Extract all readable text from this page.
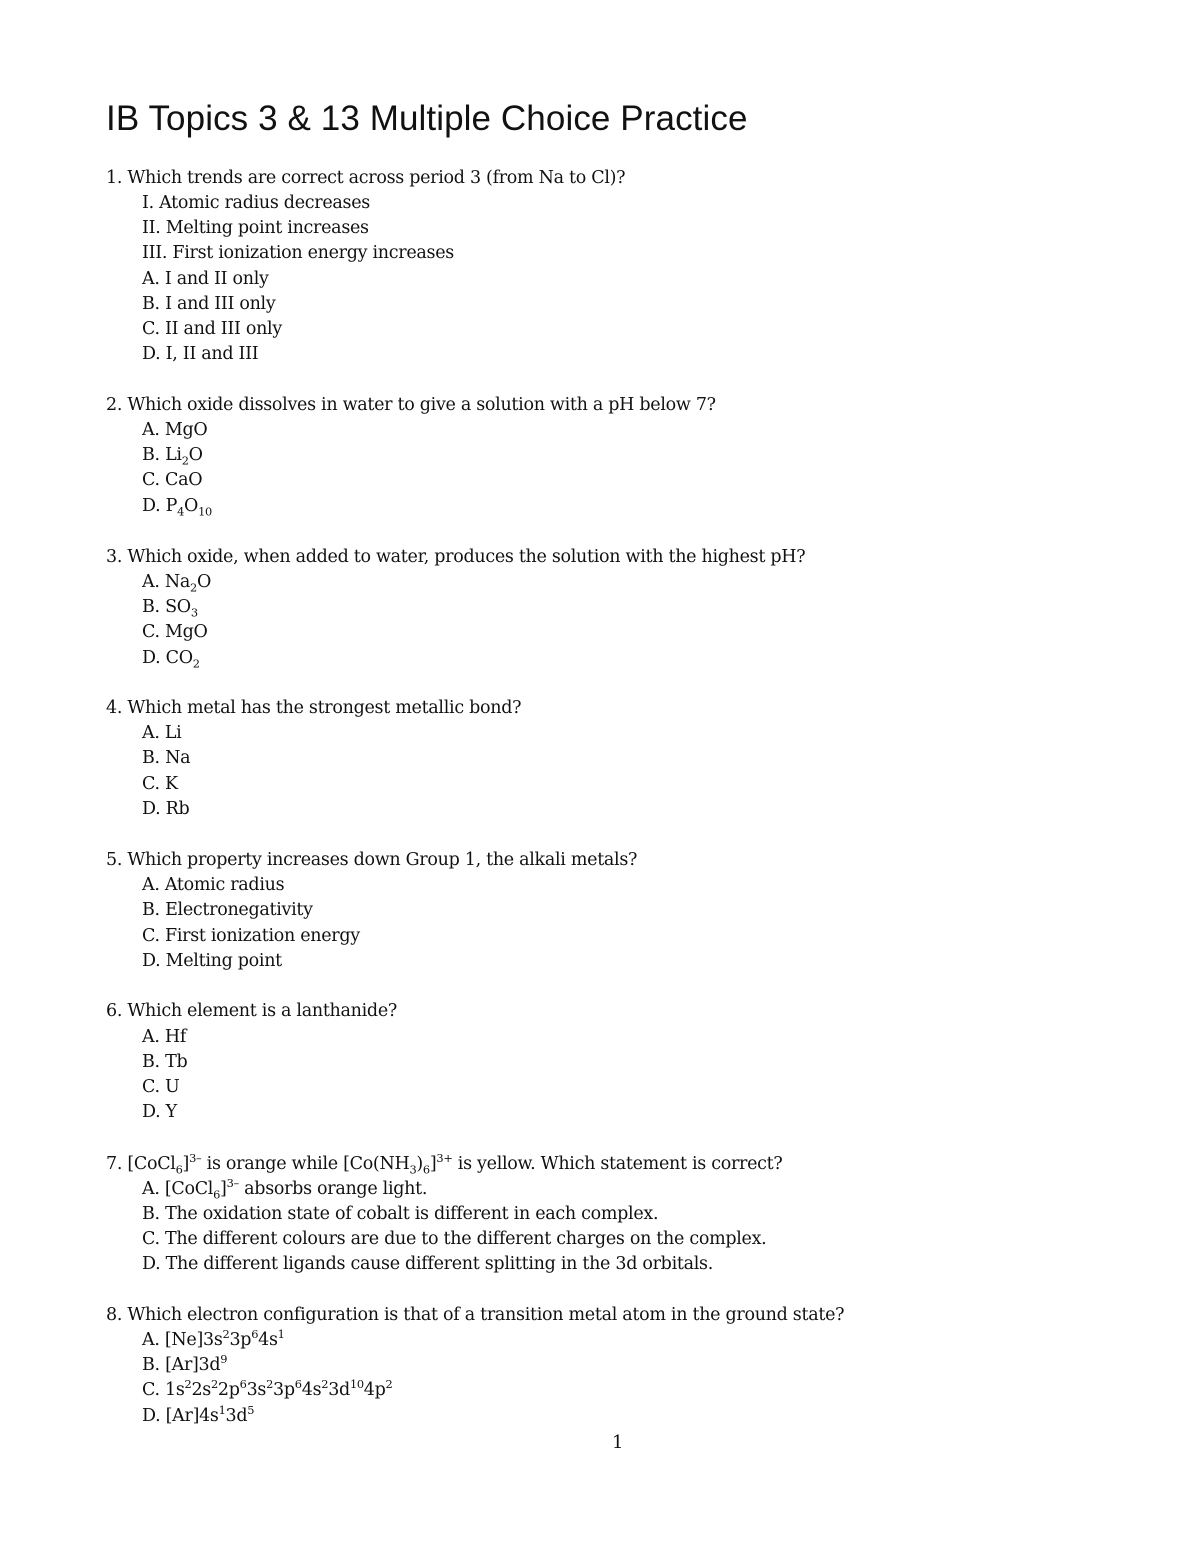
IB Topics 3 & 13 Multiple Choice Practice
1. Which trends are correct across period 3 (from Na to Cl)?
I. Atomic radius decreases
II. Melting point increases
III. First ionization energy increases
A. I and II only
B. I and III only
C. II and III only
D. I, II and III
2. Which oxide dissolves in water to give a solution with a pH below 7?
A. MgO
B. $Li_2O$
C. CaO
D. $P_4O_{10}$
3. Which oxide, when added to water, produces the solution with the highest pH?
A. $Na_2O$
B. $SO_3$
C. MgO
D. $CO_2$
4. Which metal has the strongest metallic bond?
A. Li
B. Na
C. K
D. Rb
5. Which property increases down Group 1, the alkali metals?
A. Atomic radius
B. Electronegativity
C. First ionization energy
D. Melting point
6. Which element is a lanthanide?
A. Hf
B. Tb
C. U
D. Y
7. [CoCl$_6$]$^{3-}$ is orange while $[Co(NH_3)_6]^{3+}$ is yellow. Which statement is correct?
A. [CoCl$_6$]$^{3-}$ absorbs orange light.
B. The oxidation state of cobalt is different in each complex.
C. The different colours are due to the different charges on the complex.
D. The different ligands cause different splitting in the 3d orbitals.
8. Which electron configuration is that of a transition metal atom in the ground state?
A. $[Ne]3s^23p^64s^1$
B. $[Ar]3d^9$
C. $1s^22s^22p^63s^23p^64s^23d^{10}4p^2$
D. $[Ar]4s^13d^5$
1
